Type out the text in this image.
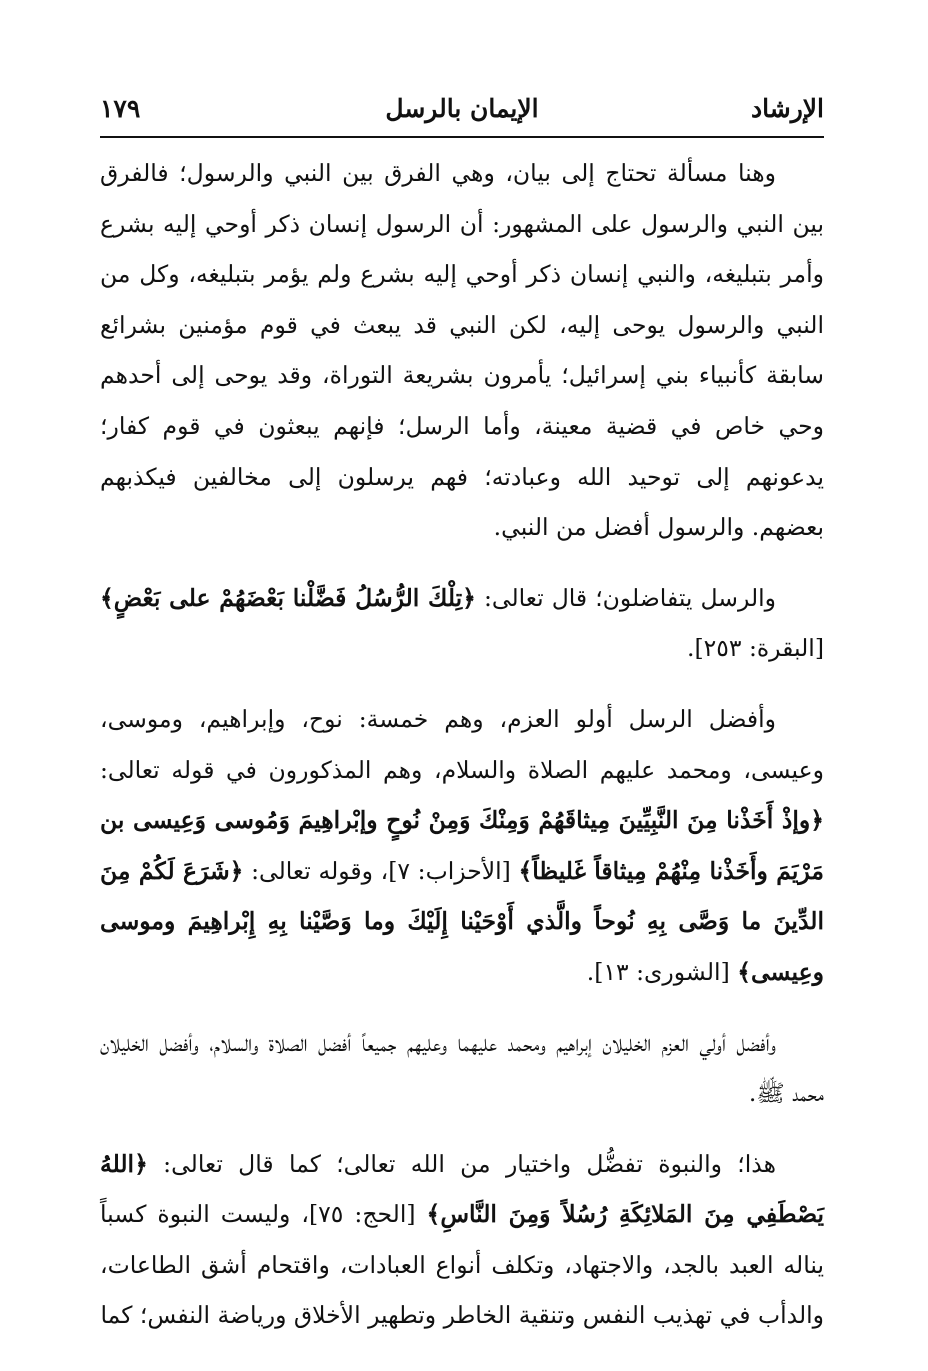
الإرشاد
الإيمان بالرسل
١٧٩

وهنا مسألة تحتاج إلى بيان، وهي الفرق بين النبي والرسول؛ فالفرق بين النبي والرسول على المشهور: أن الرسول إنسان ذكر أوحي إليه بشرع وأمر بتبليغه، والنبي إنسان ذكر أوحي إليه بشرع ولم يؤمر بتبليغه، وكل من النبي والرسول يوحى إليه، لكن النبي قد يبعث في قوم مؤمنين بشرائع سابقة كأنبياء بني إسرائيل؛ يأمرون بشريعة التوراة، وقد يوحى إلى أحدهم وحي خاص في قضية معينة، وأما الرسل؛ فإنهم يبعثون في قوم كفار؛ يدعونهم إلى توحيد الله وعبادته؛ فهم يرسلون إلى مخالفين فيكذبهم بعضهم. والرسول أفضل من النبي.

والرسل يتفاضلون؛ قال تعالى: ﴿تِلْكَ الرُّسُلُ فَضَّلْنا بَعْضَهُمْ على بَعْضٍ﴾ [البقرة: ٢٥٣].

وأفضل الرسل أولو العزم، وهم خمسة: نوح، وإبراهيم، وموسى، وعيسى، ومحمد عليهم الصلاة والسلام، وهم المذكورون في قوله تعالى: ﴿وإذْ أَخَذْنا مِنَ النَّبِيِّينَ مِيثاقَهُمْ وَمِنْكَ وَمِنْ نُوحٍ وإبْراهِيمَ وَمُوسى وَعِيسى بن مَرْيَمَ وأَخَذْنا مِنْهُمْ مِيثاقاً غَليظاً﴾ [الأحزاب: ٧]، وقوله تعالى: ﴿شَرَعَ لَكُمْ مِنَ الدِّينَ ما وَصَّى بِهِ نُوحاً والَّذي أَوْحَيْنا إِلَيْكَ وما وَصَّيْنا بِهِ إِبْراهِيمَ وموسى وعِيسى﴾ [الشورى: ١٣].

وأفضل أولي العزم الخليلان إبراهيم ومحمد عليهما وعليهم جميعاً أفضل الصلاة والسلام، وأفضل الخليلان محمد ﷺ.

هذا؛ والنبوة تفضُّل واختيار من الله تعالى؛ كما قال تعالى: ﴿اللهُ يَصْطَفِي مِنَ المَلائِكَةِ رُسُلاً وَمِنَ النَّاسِ﴾ [الحج: ٧٥]، وليست النبوة كسباً يناله العبد بالجد، والاجتهاد، وتكلف أنواع العبادات، واقتحام أشق الطاعات، والدأب في تهذيب النفس وتنقية الخاطر وتطهير الأخلاق ورياضة النفس؛ كما
